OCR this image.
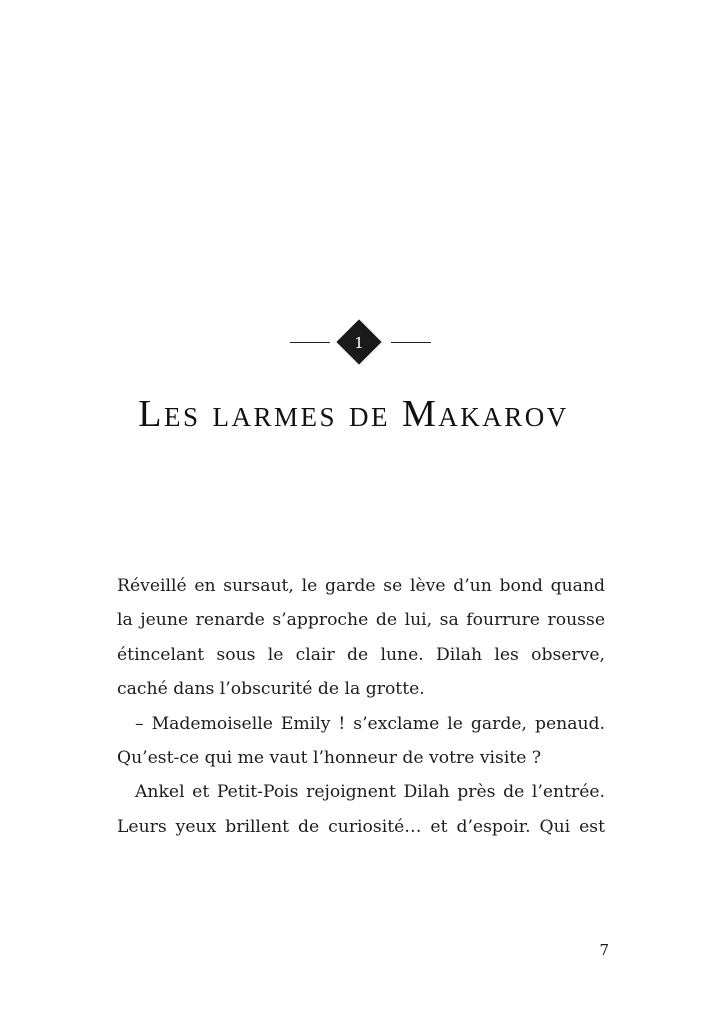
1
Les larmes de Makarov

Réveillé en sursaut, le garde se lève d’un bond quand la jeune renarde s’approche de lui, sa fourrure rousse étincelant sous le clair de lune. Dilah les observe, caché dans l’obscurité de la grotte.

– Mademoiselle Emily ! s’exclame le garde, penaud. Qu’est-ce qui me vaut l’honneur de votre visite ?

Ankel et Petit-Pois rejoignent Dilah près de l’entrée. Leurs yeux brillent de curiosité… et d’espoir. Qui est

7
